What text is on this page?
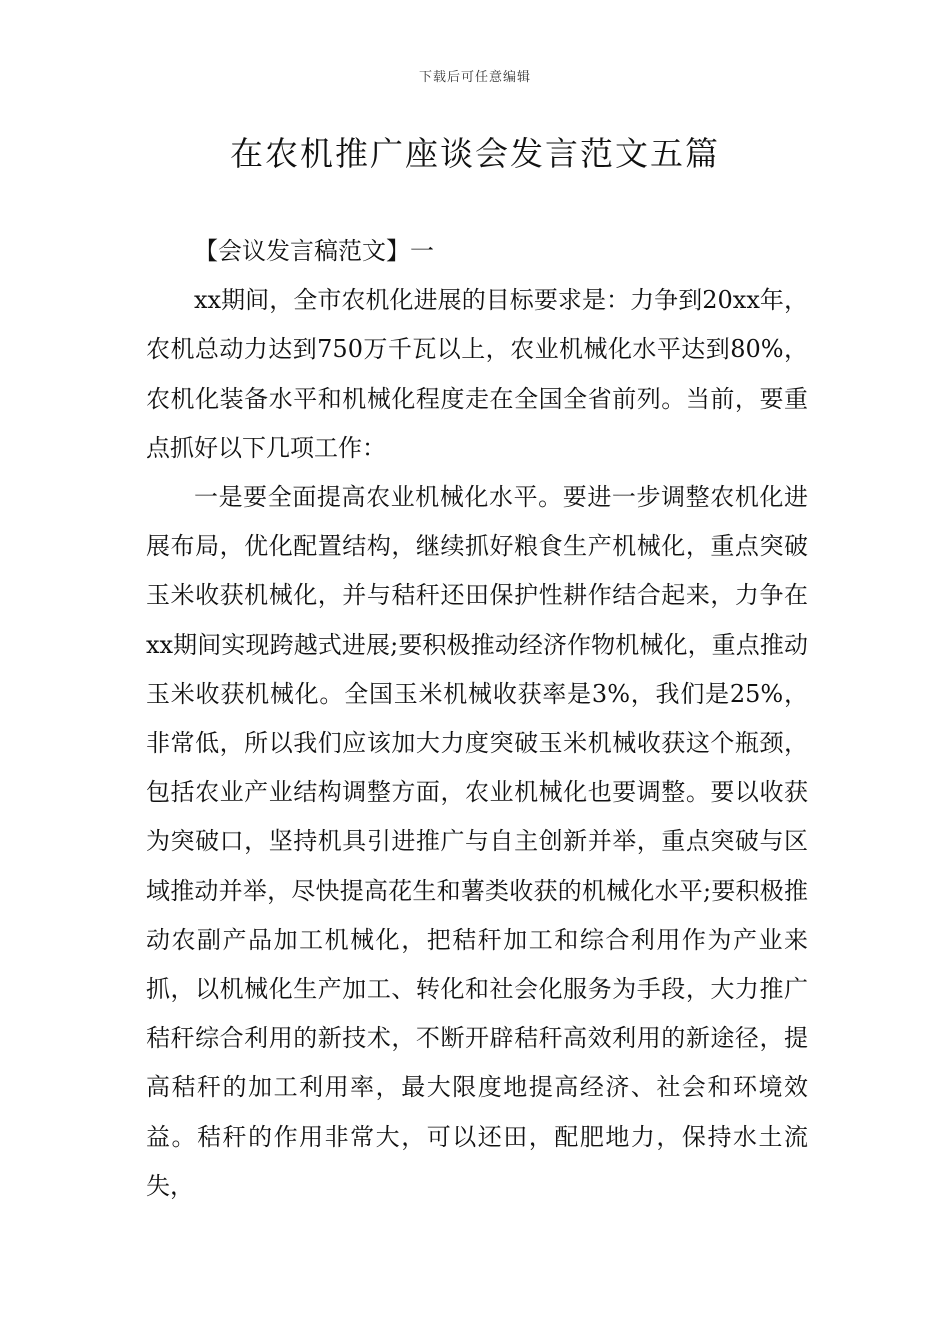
下载后可任意编辑
在农机推广座谈会发言范文五篇

【会议发言稿范文】一

xx期间，全市农机化进展的目标要求是：力争到20xx年，农机总动力达到750万千瓦以上，农业机械化水平达到80%，农机化装备水平和机械化程度走在全国全省前列。当前，要重点抓好以下几项工作：

一是要全面提高农业机械化水平。要进一步调整农机化进展布局，优化配置结构，继续抓好粮食生产机械化，重点突破玉米收获机械化，并与秸秆还田保护性耕作结合起来，力争在xx期间实现跨越式进展;要积极推动经济作物机械化，重点推动玉米收获机械化。全国玉米机械收获率是3%，我们是25%，非常低，所以我们应该加大力度突破玉米机械收获这个瓶颈，包括农业产业结构调整方面，农业机械化也要调整。要以收获为突破口，坚持机具引进推广与自主创新并举，重点突破与区域推动并举，尽快提高花生和薯类收获的机械化水平;要积极推动农副产品加工机械化，把秸秆加工和综合利用作为产业来抓，以机械化生产加工、转化和社会化服务为手段，大力推广秸秆综合利用的新技术，不断开辟秸秆高效利用的新途径，提高秸秆的加工利用率，最大限度地提高经济、社会和环境效益。秸秆的作用非常大，可以还田，配肥地力，保持水土流失，
